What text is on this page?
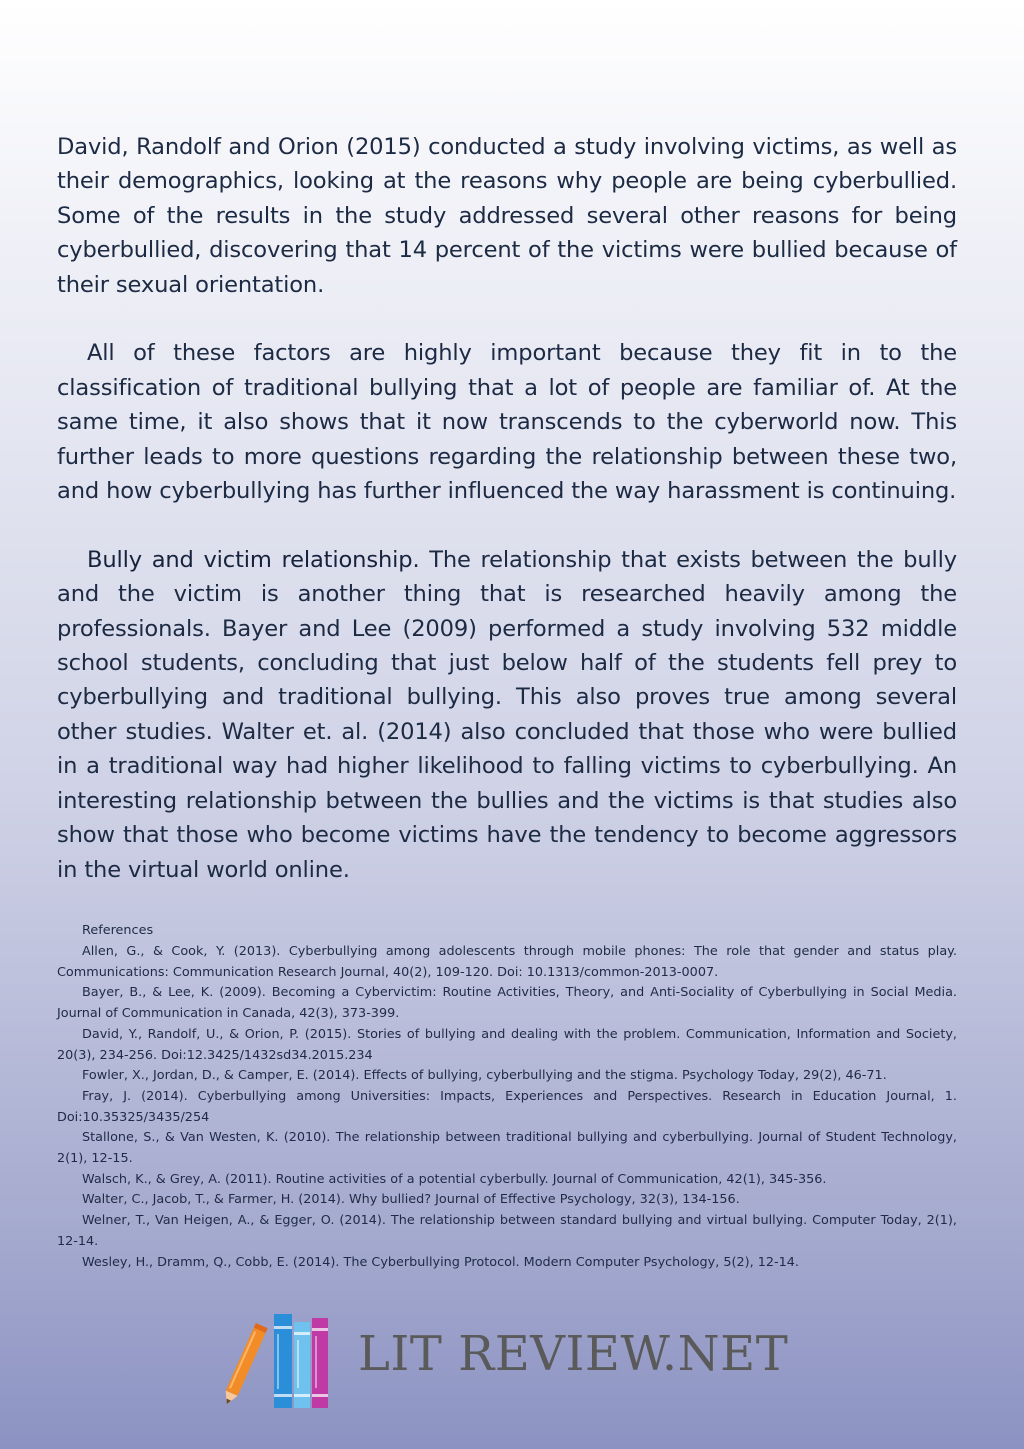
David, Randolf and Orion (2015) conducted a study involving victims, as well as their demographics, looking at the reasons why people are being cyberbullied. Some of the results in the study addressed several other reasons for being cyberbullied, discovering that 14 percent of the victims were bullied because of their sexual orientation.

All of these factors are highly important because they fit in to the classification of traditional bullying that a lot of people are familiar of. At the same time, it also shows that it now transcends to the cyberworld now. This further leads to more questions regarding the relationship between these two, and how cyberbullying has further influenced the way harassment is continuing.

Bully and victim relationship. The relationship that exists between the bully and the victim is another thing that is researched heavily among the professionals. Bayer and Lee (2009) performed a study involving 532 middle school students, concluding that just below half of the students fell prey to cyberbullying and traditional bullying. This also proves true among several other studies. Walter et. al. (2014) also concluded that those who were bullied in a traditional way had higher likelihood to falling victims to cyberbullying. An interesting relationship between the bullies and the victims is that studies also show that those who become victims have the tendency to become aggressors in the virtual world online.

References
Allen, G., & Cook, Y. (2013). Cyberbullying among adolescents through mobile phones: The role that gender and status play. Communications: Communication Research Journal, 40(2), 109-120. Doi: 10.1313/common-2013-0007.
Bayer, B., & Lee, K. (2009). Becoming a Cybervictim: Routine Activities, Theory, and Anti-Sociality of Cyberbullying in Social Media. Journal of Communication in Canada, 42(3), 373-399.
David, Y., Randolf, U., & Orion, P. (2015). Stories of bullying and dealing with the problem. Communication, Information and Society, 20(3), 234-256. Doi:12.3425/1432sd34.2015.234
Fowler, X., Jordan, D., & Camper, E. (2014). Effects of bullying, cyberbullying and the stigma. Psychology Today, 29(2), 46-71.
Fray, J. (2014). Cyberbullying among Universities: Impacts, Experiences and Perspectives. Research in Education Journal, 1. Doi:10.35325/3435/254
Stallone, S., & Van Westen, K. (2010). The relationship between traditional bullying and cyberbullying. Journal of Student Technology, 2(1), 12-15.
Walsch, K., & Grey, A. (2011). Routine activities of a potential cyberbully. Journal of Communication, 42(1), 345-356.
Walter, C., Jacob, T., & Farmer, H. (2014). Why bullied? Journal of Effective Psychology, 32(3), 134-156.
Welner, T., Van Heigen, A., & Egger, O. (2014). The relationship between standard bullying and virtual bullying. Computer Today, 2(1), 12-14.
Wesley, H., Dramm, Q., Cobb, E. (2014). The Cyberbullying Protocol. Modern Computer Psychology, 5(2), 12-14.
LIT REVIEW.NET
